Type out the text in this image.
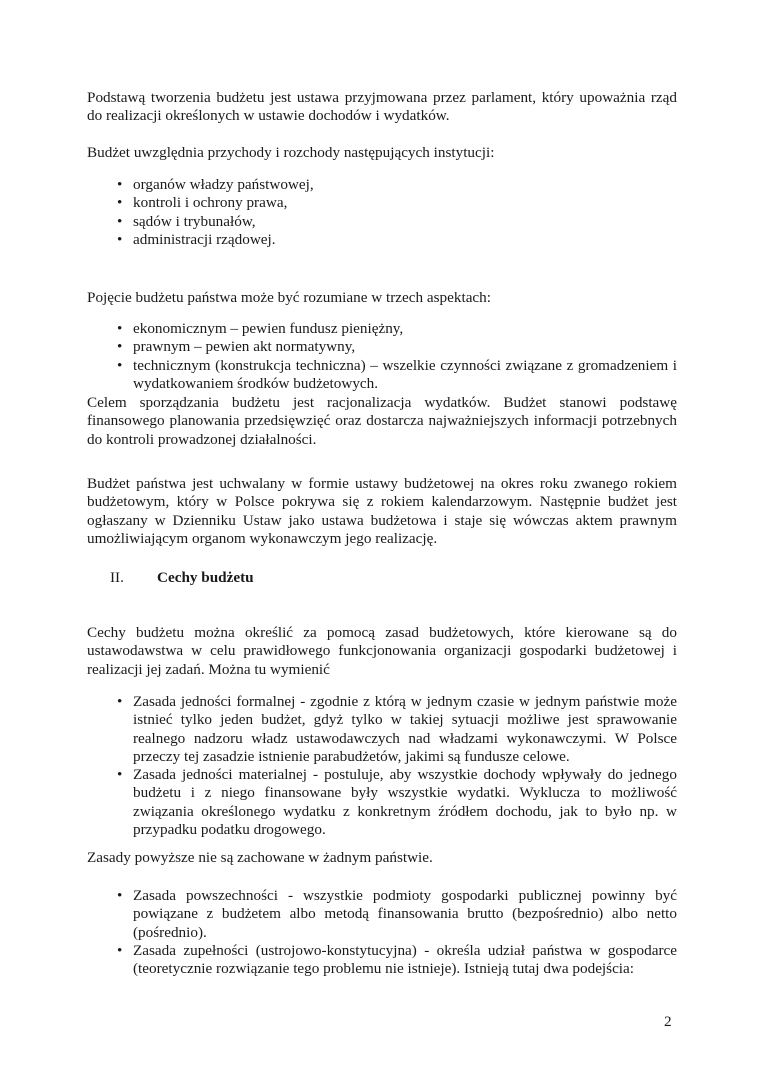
Podstawą tworzenia budżetu jest ustawa przyjmowana przez parlament, który upoważnia rząd do realizacji określonych w ustawie dochodów i wydatków.

Budżet uwzględnia przychody i rozchody następujących instytucji:

• organów władzy państwowej,
• kontroli i ochrony prawa,
• sądów i trybunałów,
• administracji rządowej.

Pojęcie budżetu państwa może być rozumiane w trzech aspektach:

• ekonomicznym – pewien fundusz pieniężny,
• prawnym – pewien akt normatywny,
• technicznym (konstrukcja techniczna) – wszelkie czynności związane z gromadzeniem i wydatkowaniem środków budżetowych.

Celem sporządzania budżetu jest racjonalizacja wydatków. Budżet stanowi podstawę finansowego planowania przedsięwzięć oraz dostarcza najważniejszych informacji potrzebnych do kontroli prowadzonej działalności.

Budżet państwa jest uchwalany w formie ustawy budżetowej na okres roku zwanego rokiem budżetowym, który w Polsce pokrywa się z rokiem kalendarzowym. Następnie budżet jest ogłaszany w Dzienniku Ustaw jako ustawa budżetowa i staje się wówczas aktem prawnym umożliwiającym organom wykonawczym jego realizację.

II. Cechy budżetu

Cechy budżetu można określić za pomocą zasad budżetowych, które kierowane są do ustawodawstwa w celu prawidłowego funkcjonowania organizacji gospodarki budżetowej i realizacji jej zadań. Można tu wymienić

• Zasada jedności formalnej - zgodnie z którą w jednym czasie w jednym państwie może istnieć tylko jeden budżet, gdyż tylko w takiej sytuacji możliwe jest sprawowanie realnego nadzoru władz ustawodawczych nad władzami wykonawczymi. W Polsce przeczy tej zasadzie istnienie parabudżetów, jakimi są fundusze celowe.
• Zasada jedności materialnej - postuluje, aby wszystkie dochody wpływały do jednego budżetu i z niego finansowane były wszystkie wydatki. Wyklucza to możliwość związania określonego wydatku z konkretnym źródłem dochodu, jak to było np. w przypadku podatku drogowego.

Zasady powyższe nie są zachowane w żadnym państwie.

• Zasada powszechności - wszystkie podmioty gospodarki publicznej powinny być powiązane z budżetem albo metodą finansowania brutto (bezpośrednio) albo netto (pośrednio).
• Zasada zupełności (ustrojowo-konstytucyjna) - określa udział państwa w gospodarce (teoretycznie rozwiązanie tego problemu nie istnieje). Istnieją tutaj dwa podejścia:
2
